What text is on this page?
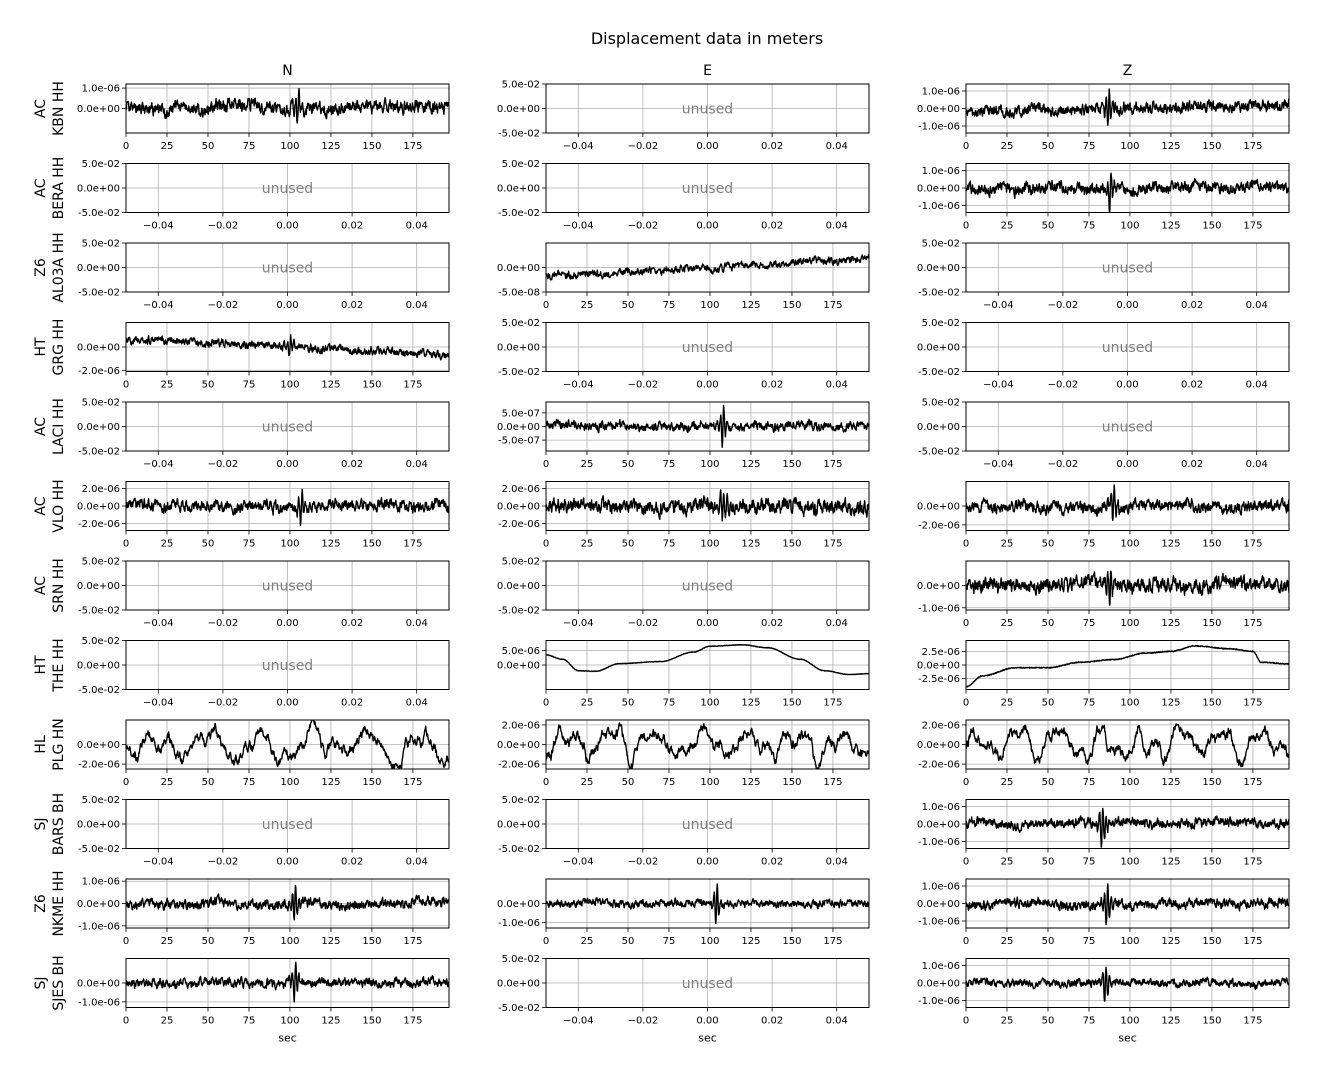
Displacement data in meters
N	E	Z
AC KBN HH
0	25	50	75	100 125 150 175
1.0e-06
0.0e+00
−0.04	−0.02	0.00	0.02	0.04
5.0e-02
0.0e+00
-5.0e-02
unused
0	25	50	75	100 125 150 175
1.0e-06
0.0e+00
-1.0e-06
AC BERA HH
−0.04	−0.02	0.00	0.02	0.04
5.0e-02
0.0e+00
-5.0e-02
unused
−0.04	−0.02	0.00	0.02	0.04
5.0e-02
0.0e+00
-5.0e-02
unused
0	25	50	75	100 125 150 175
1.0e-06
0.0e+00
-1.0e-06
Z6 AL03A HH
−0.04	−0.02	0.00	0.02	0.04
5.0e-02
0.0e+00
-5.0e-02
unused
0	25	50	75	100 125 150 175
0.0e+00
-5.0e-08
−0.04	−0.02	0.00	0.02	0.04
5.0e-02
0.0e+00
-5.0e-02
unused
HT GRG HH
0	25	50	75	100 125 150 175
0.0e+00
-2.0e-06
−0.04	−0.02	0.00	0.02	0.04
5.0e-02
0.0e+00
-5.0e-02
unused
−0.04	−0.02	0.00	0.02	0.04
5.0e-02
0.0e+00
-5.0e-02
unused
AC LACI HH
−0.04	−0.02	0.00	0.02	0.04
5.0e-02
0.0e+00
-5.0e-02
unused
0	25	50	75	100 125 150 175
5.0e-07
0.0e+00
-5.0e-07
−0.04	−0.02	0.00	0.02	0.04
5.0e-02
0.0e+00
-5.0e-02
unused
AC VLO HH
0	25	50	75	100 125 150 175
2.0e-06
0.0e+00
-2.0e-06
0	25	50	75	100 125 150 175
2.0e-06
0.0e+00
-2.0e-06
0	25	50	75	100 125 150 175
0.0e+00
-2.0e-06
AC SRN HH
−0.04	−0.02	0.00	0.02	0.04
5.0e-02
0.0e+00
-5.0e-02
unused
−0.04	−0.02	0.00	0.02	0.04
5.0e-02
0.0e+00
-5.0e-02
unused
0	25	50	75	100 125 150 175
0.0e+00
-1.0e-06
HT THE HH
−0.04	−0.02	0.00	0.02	0.04
5.0e-02
0.0e+00
-5.0e-02
unused
0	25	50	75	100 125 150 175
5.0e-06
0.0e+00
0	25	50	75	100 125 150 175
2.5e-06
0.0e+00
-2.5e-06
HL PLG HN
0	25	50	75	100 125 150 175
0.0e+00
-2.0e-06
0	25	50	75	100 125 150 175
2.0e-06
0.0e+00
-2.0e-06
0	25	50	75	100 125 150 175
2.0e-06
0.0e+00
-2.0e-06
SJ BARS BH
−0.04	−0.02	0.00	0.02	0.04
5.0e-02
0.0e+00
-5.0e-02
unused
−0.04	−0.02	0.00	0.02	0.04
5.0e-02
0.0e+00
-5.0e-02
unused
0	25	50	75	100 125 150 175
1.0e-06
0.0e+00
-1.0e-06
Z6 NKME HH
0	25	50	75	100 125 150 175
1.0e-06
0.0e+00
-1.0e-06
0	25	50	75	100 125 150 175
0.0e+00
-1.0e-06
0	25	50	75	100 125 150 175
1.0e-06
0.0e+00
-1.0e-06
SJ SJES BH
0	25	50	75	100 125 150 175
0.0e+00
-1.0e-06
sec
−0.04	−0.02	0.00	0.02	0.04
5.0e-02
0.0e+00
-5.0e-02
unused
sec
0	25	50	75	100 125 150 175
1.0e-06
0.0e+00
-1.0e-06
sec
